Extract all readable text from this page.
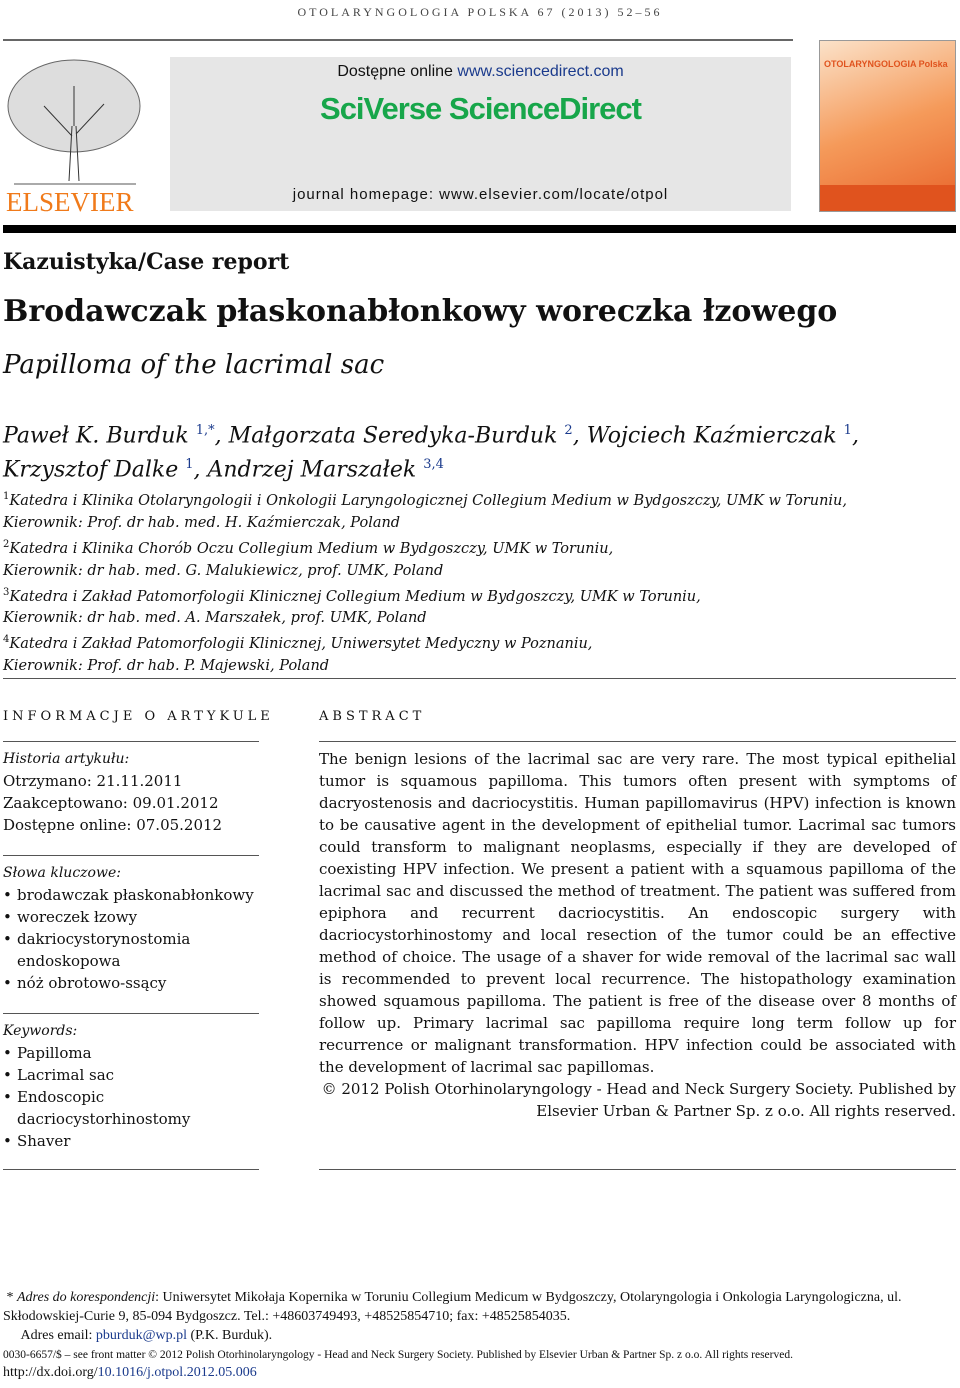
OTOLARYNGOLOGIA POLSKA 67 (2013) 52–56
ELSEVIER
Dostępne online www.sciencedirect.com
SciVerse ScienceDirect
journal homepage: www.elsevier.com/locate/otpol
OTOLARYNGOLOGIA Polska
Kazuistyka/Case report
Brodawczak płaskonabłonkowy woreczka łzowego
Papilloma of the lacrimal sac
Paweł K. Burduk $^{1,*}$, Małgorzata Seredyka-Burduk $^2$, Wojciech Kaźmierczak $^1$,
Krzysztof Dalke $^1$, Andrzej Marszałek $^{3,4}$
$^1$Katedra i Klinika Otolaryngologii i Onkologii Laryngologicznej Collegium Medium w Bydgoszczy, UMK w Toruniu,
Kierownik: Prof. dr hab. med. H. Kaźmierczak, Poland
$^2$Katedra i Klinika Chorób Oczu Collegium Medium w Bydgoszczy, UMK w Toruniu,
Kierownik: dr hab. med. G. Malukiewicz, prof. UMK, Poland
$^3$Katedra i Zakład Patomorfologii Klinicznej Collegium Medium w Bydgoszczy, UMK w Toruniu,
Kierownik: dr hab. med. A. Marszałek, prof. UMK, Poland
$^4$Katedra i Zakład Patomorfologii Klinicznej, Uniwersytet Medyczny w Poznaniu,
Kierownik: Prof. dr hab. P. Majewski, Poland
INFORMACJE O ARTYKULE	ABSTRACT
Historia artykułu:
Otrzymano: 21.11.2011
Zaakceptowano: 09.01.2012
Dostępne online: 07.05.2012
Słowa kluczowe:
• brodawczak płaskonabłonkowy
• woreczek łzowy
• dakriocystorynostomia endoskopowa
• nóż obrotowo-ssący
Keywords:
• Papilloma
• Lacrimal sac
• Endoscopic dacriocystorhinostomy
• Shaver

The benign lesions of the lacrimal sac are very rare. The most typical epithelial tumor is squamous papilloma. This tumors often present with symptoms of dacryostenosis and dacriocystitis. Human papillomavirus (HPV) infection is known to be causative agent in the development of epithelial tumor. Lacrimal sac tumors could transform to malignant neoplasms, especially if they are developed of coexisting HPV infection. We present a patient with a squamous papilloma of the lacrimal sac and discussed the method of treatment. The patient was suffered from epiphora and recurrent dacriocystitis. An endoscopic surgery with dacriocystorhinostomy and local resection of the tumor could be an effective method of choice. The usage of a shaver for wide removal of the lacrimal sac wall is recommended to prevent local recurrence. The histopathology examination showed squamous papilloma. The patient is free of the disease over 8 months of follow up. Primary lacrimal sac papilloma require long term follow up for recurrence or malignant transformation. HPV infection could be associated with the development of lacrimal sac papillomas.

© 2012 Polish Otorhinolaryngology - Head and Neck Surgery Society. Published by
Elsevier Urban & Partner Sp. z o.o. All rights reserved.
* Adres do korespondencji: Uniwersytet Mikołaja Kopernika w Toruniu Collegium Medicum w Bydgoszczy, Otolaryngologia i Onkologia Laryngologiczna, ul. Skłodowskiej-Curie 9, 85-094 Bydgoszcz. Tel.: +48603749493, +48525854710; fax: +48525854035.
Adres email: pburduk@wp.pl (P.K. Burduk).
0030-6657/$ – see front matter © 2012 Polish Otorhinolaryngology - Head and Neck Surgery Society. Published by Elsevier Urban & Partner Sp. z o.o. All rights reserved.
http://dx.doi.org/10.1016/j.otpol.2012.05.006
